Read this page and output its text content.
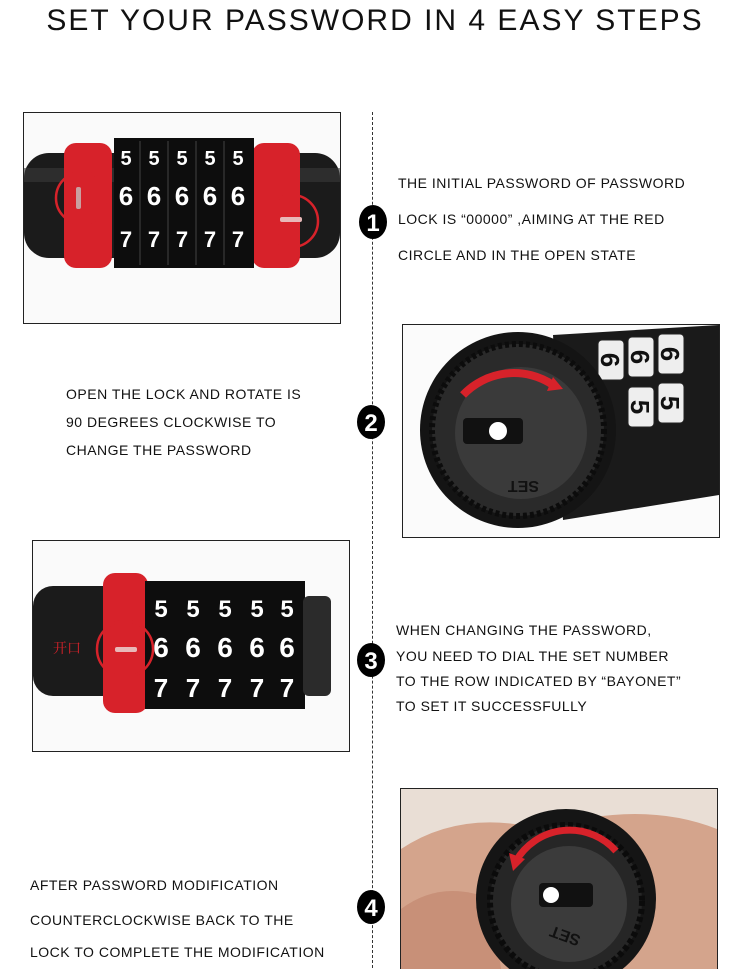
SET YOUR PASSWORD IN 4 EASY STEPS
5 5 5 5 5
6 6 6 6 6
7 7 7 7 7
1
THE INITIAL PASSWORD OF PASSWORD
LOCK IS “00000” ,AIMING AT THE RED
CIRCLE AND IN THE OPEN STATE
OPEN THE LOCK AND ROTATE IS
90 DEGREES CLOCKWISE TO
CHANGE THE PASSWORD
2
6 6 6
5 5
SET
5 5 5 5 5
6 6 6 6 6
7 7 7 7 7
开口	3
WHEN CHANGING THE PASSWORD,
YOU NEED TO DIAL THE SET NUMBER
TO THE ROW INDICATED BY “BAYONET”
TO SET IT SUCCESSFULLY
AFTER PASSWORD MODIFICATION
COUNTERCLOCKWISE BACK TO THE
LOCK TO COMPLETE THE MODIFICATION
4
SET
